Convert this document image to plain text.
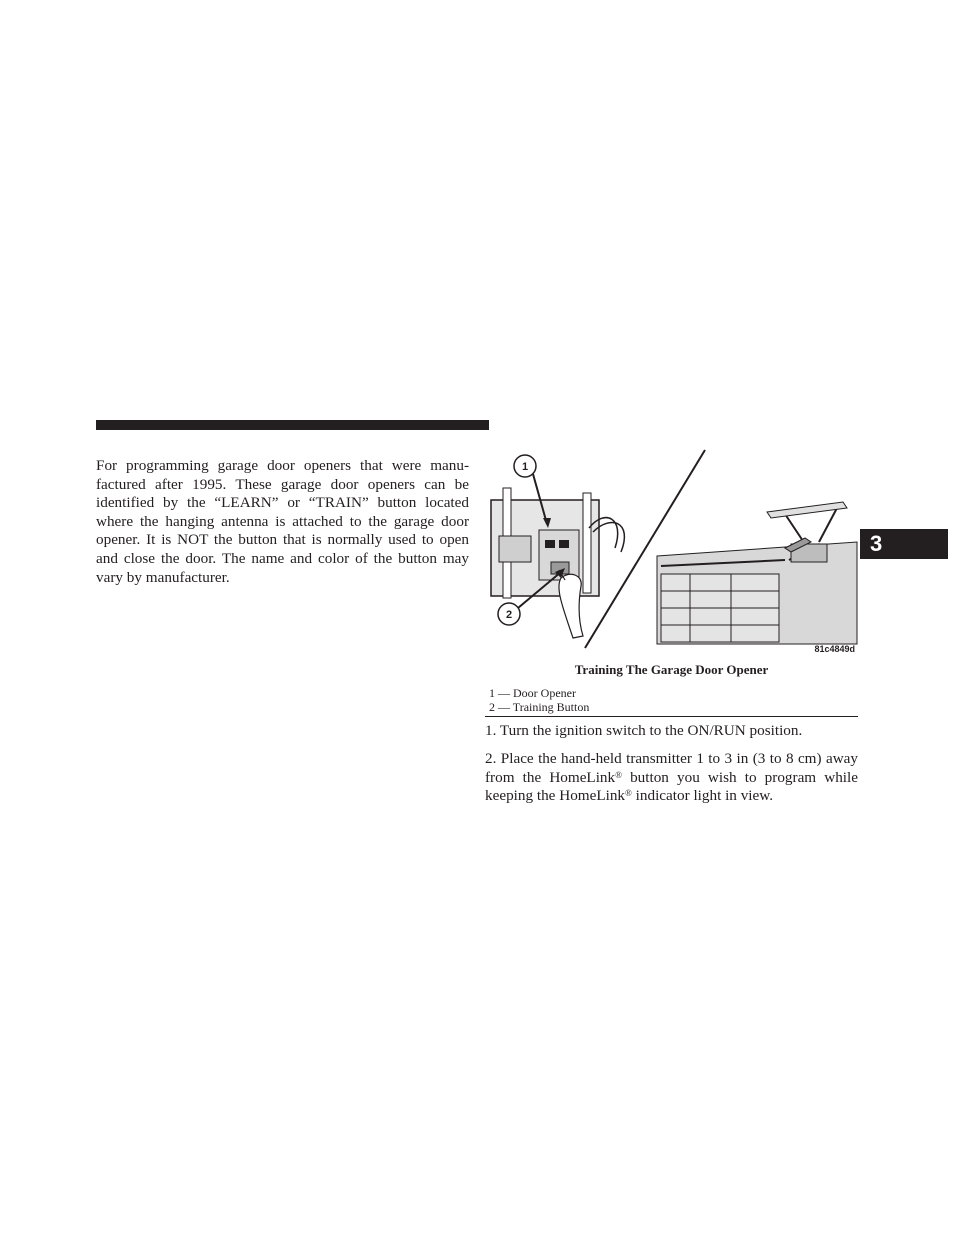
For programming garage door openers that were manu-factured after 1995. These garage door openers can be identified by the “LEARN” or “TRAIN” button located where the hanging antenna is attached to the garage door opener. It is NOT the button that is normally used to open and close the door. The name and color of the button may vary by manufacturer.

3
1
2
81c4849d

Training The Garage Door Opener

1 — Door Opener
2 — Training Button

1. Turn the ignition switch to the ON/RUN position.

2. Place the hand-held transmitter 1 to 3 in (3 to 8 cm) away from the HomeLink® button you wish to program while keeping the HomeLink® indicator light in view.
